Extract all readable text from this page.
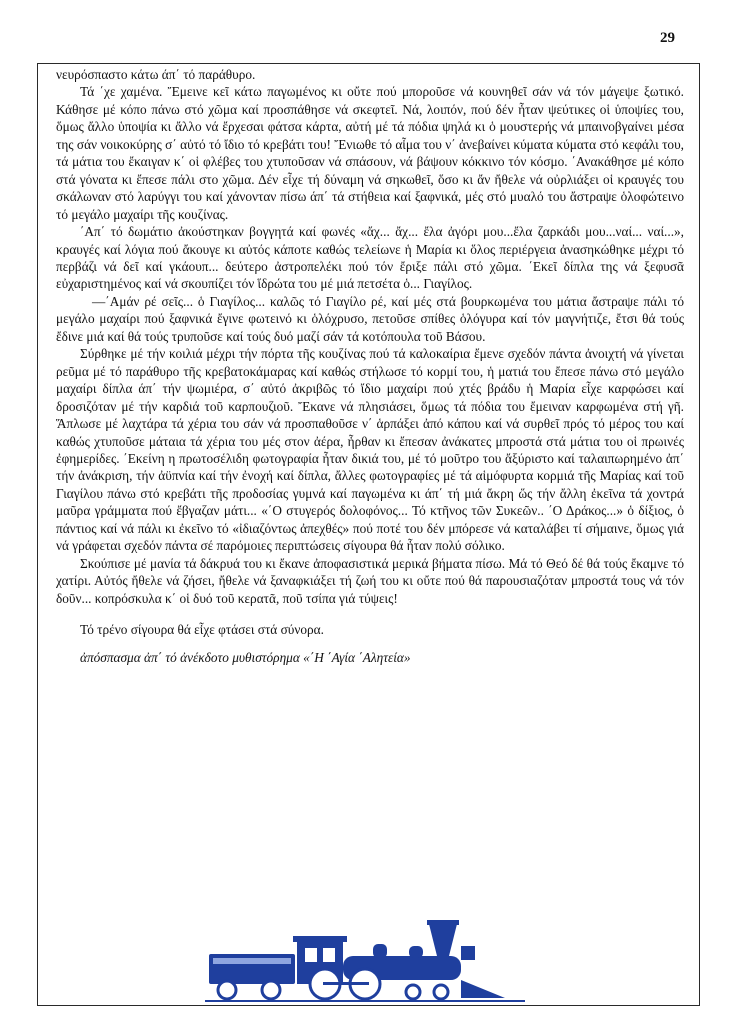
29

νευρόσπαστο κάτω άπ΄ τό παράθυρο.

Τά ΄χε χαμένα. Ἔμεινε κεῖ κάτω παγωμένος κι οὔτε πού μποροῦσε νά κουνηθεῖ σάν νά τόν μάγεψε ξωτικό. Κάθησε μέ κόπο πάνω στό χῶμα καί προσπάθησε νά σκεφτεῖ. Νά, λοιπόν, πού δέν ἦταν ψεύτικες οἱ ὑποψίες του, ὅμως ἄλλο ὑποψία κι ἄλλο νά ἔρχεσαι φάτσα κάρτα, αὐτή μέ τά πόδια ψηλά κι ὁ μουστερής νά μπαινοβγαίνει μέσα της σάν νοικοκύρης σ΄ αὐτό τό ἴδιο τό κρεβάτι του! Ἔνιωθε τό αἷμα του ν΄ ἀνεβαίνει κύματα κύματα στό κεφάλι του, τά μάτια του ἔκαιγαν κ΄ οἱ φλέβες του χτυποῦσαν νά σπάσουν, νά βάψουν κόκκινο τόν κόσμο. ΄Ανακάθησε μέ κόπο στά γόνατα κι ἔπεσε πάλι στο χῶμα. Δέν εἶχε τή δύναμη νά σηκωθεῖ, ὅσο κι ἄν ἤθελε νά οὐρλιάξει οἱ κραυγές του σκάλωναν στό λαρύγγι του καί χάνονταν πίσω άπ΄ τά στήθεια καί ξαφνικά, μές στό μυαλό του ἄστραψε ὁλοφώτεινο τό μεγάλο μαχαίρι τῆς κουζίνας.

΄Απ΄ τό δωμάτιο ἀκούστηκαν βογγητά καί φωνές «ἄχ... ἄχ... ἔλα ἀγόρι μου...ἔλα ζαρκάδι μου...ναί... ναί...», κραυγές καί λόγια πού ἄκουγε κι αὐτός κάποτε καθώς τελείωνε ἡ Μαρία κι ὅλος περιέργεια ἀνασηκώθηκε μέχρι τό περβάζι νά δεῖ καί γκάουπ... δεύτερο ἀστροπελέκι πού τόν ἔριξε πάλι στό χῶμα. ΄Εκεῖ δίπλα της νά ξεφυσᾶ εὐχαριστημένος καί νά σκουπίζει τόν ἵδρώτα του μέ μιά πετσέτα ὁ... Γιαγίλος.

—΄Αμάν ρέ σεῖς... ὁ Γιαγίλος... καλῶς τό Γιαγίλο ρέ, καί μές στά βουρκωμένα του μάτια ἄστραψε πάλι τό μεγάλο μαχαίρι πού ξαφνικά ἔγινε φωτεινό κι ὁλόχρυσο, πετοῦσε σπίθες ὁλόγυρα καί τόν μαγνήτιζε, ἔτσι θά τούς ἔδινε μιά καί θά τούς τρυποῦσε καί τούς δυό μαζί σάν τά κοτόπουλα τοῦ Βάσου.

Σύρθηκε μέ τήν κοιλιά μέχρι τήν πόρτα τῆς κουζίνας πού τά καλοκαίρια ἔμενε σχεδόν πάντα ἀνοιχτή νά γίνεται ρεῦμα μέ τό παράθυρο τῆς κρεβατοκάμαρας καί καθώς στήλωσε τό κορμί του, ἡ ματιά του ἔπεσε πάνω στό μεγάλο μαχαίρι δίπλα άπ΄ τήν ψωμιέρα, σ΄ αὐτό ἀκριβῶς τό ἴδιο μαχαίρι πού χτές βράδυ ἡ Μαρία εἶχε καρφώσει καί δροσιζόταν μέ τήν καρδιά τοῦ καρπουζιοῦ. Ἔκανε νά πλησιάσει, ὅμως τά πόδια του ἔμειναν καρφωμένα στή γῆ. Ἅπλωσε μέ λαχτάρα τά χέρια του σάν νά προσπαθοῦσε ν΄ ἁρπάξει ἀπό κάπου καί νά συρθεῖ πρός τό μέρος του καί καθώς χτυποῦσε μάταια τά χέρια του μές στον ἀέρα, ἦρθαν κι ἔπεσαν ἀνάκατες μπροστά στά μάτια του οἱ πρωινές ἐφημερίδες. ΄Εκείνη η πρωτοσέλιδη φωτογραφία ἦταν δικιά του, μέ τό μοῦτρο του ἄξύριστο καί ταλαιπωρημένο ἀπ΄ τήν ἀνάκριση, τήν ἀϋπνία καί τήν ἐνοχή καί δίπλα, ἄλλες φωτογραφίες μέ τά αἱμόφυρτα κορμιά τῆς Μαρίας καί τοῦ Γιαγίλου πάνω στό κρεβάτι τῆς προδοσίας γυμνά καί παγωμένα κι άπ΄ τή μιά ἄκρη ὥς τήν ἄλλη ἐκεῖνα τά χοντρά μαῦρα γράμματα πού ἔβγαζαν μάτι... «΄Ο στυγερός δολοφόνος... Τό κτῆνος τῶν Συκεῶν.. ΄Ο Δράκος...» ὁ δίξιος, ὁ πάντιος καί νά πάλι κι ἐκεῖνο τό «ἰδιαζόντως ἀπεχθές» πού ποτέ του δέν μπόρεσε νά καταλάβει τί σήμαινε, ὅμως γιά νά γράφεται σχεδόν πάντα σέ παρόμοιες περιπτώσεις σίγουρα θά ἦταν πολύ σόλικο.

Σκούπισε μέ μανία τά δάκρυά του κι ἔκανε ἀποφασιστικά μερικά βήματα πίσω. Μά τό Θεό δέ θά τούς ἔκαμνε τό χατίρι. Αὐτός ἤθελε νά ζήσει, ἤθελε νά ξαναφκιάξει τή ζωή του κι οὔτε πού θά παρουσιαζόταν μπροστά τους νά τόν δοῦν... κοπρόσκυλα κ΄ οἱ δυό τοῦ κερατᾶ, ποῦ τσίπα γιά τύψεις!

Τό τρένο σίγουρα θά εἶχε φτάσει στά σύνορα.

ἀπόσπασμα ἀπ΄ τό ἀνέκδοτο μυθιστόρημα «΄Η ΄Αγία ΄Αλητεία»
